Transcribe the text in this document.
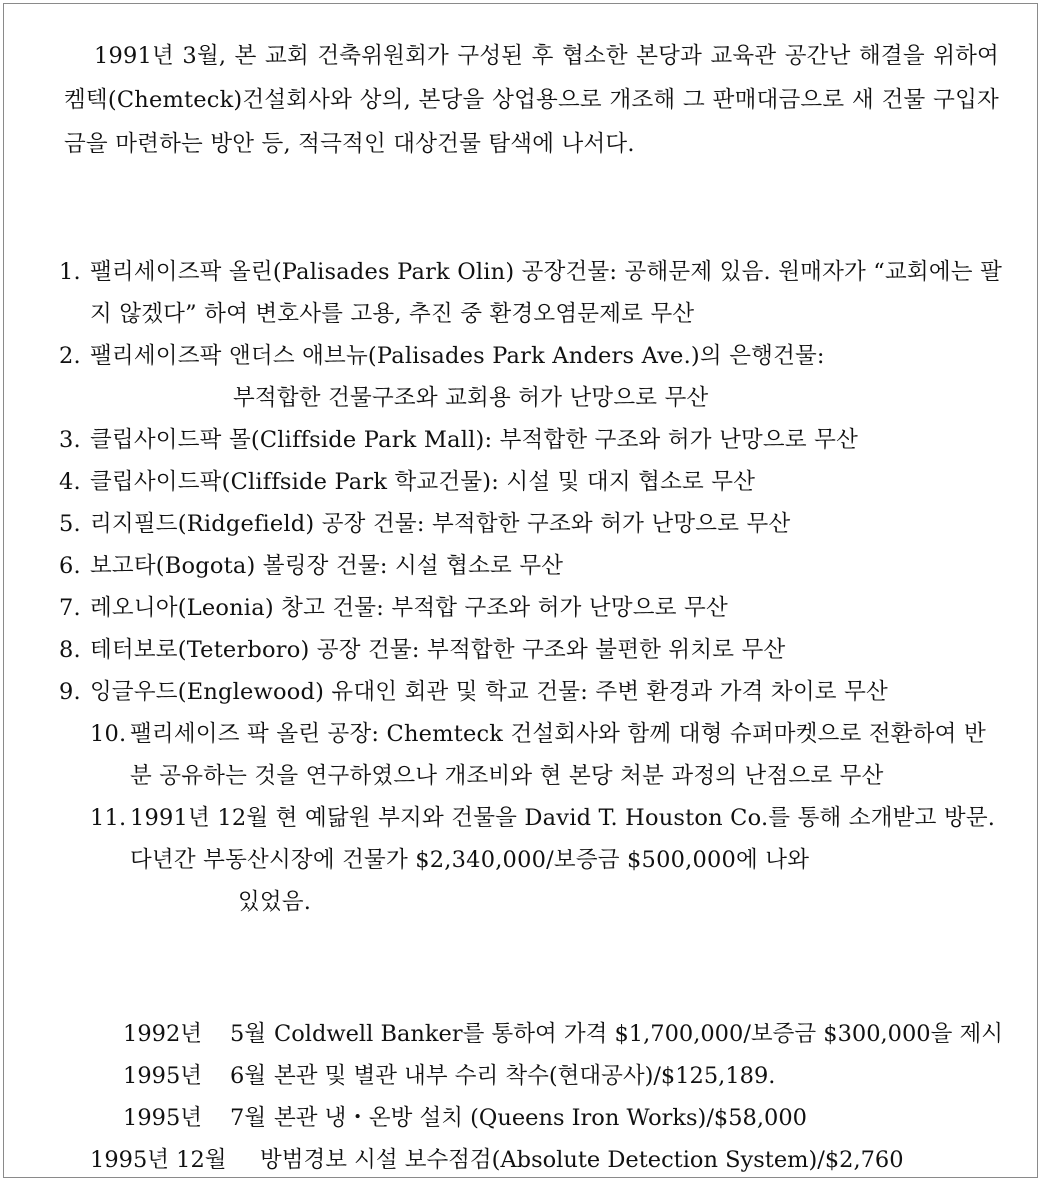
1991년 3월, 본 교회 건축위원회가 구성된 후 협소한 본당과 교육관 공간난 해결을 위하여 켐텍(Chemteck)건설회사와 상의, 본당을 상업용으로 개조해 그 판매대금으로 새 건물 구입자금을 마련하는 방안 등, 적극적인 대상건물 탐색에 나서다.

1. 팰리세이즈팍 올린(Palisades Park Olin) 공장건물: 공해문제 있음. 원매자가 “교회에는 팔지 않겠다” 하여 변호사를 고용, 추진 중 환경오염문제로 무산
2. 팰리세이즈팍 앤더스 애브뉴(Palisades Park Anders Ave.)의 은행건물:
부적합한 건물구조와 교회용 허가 난망으로 무산
3. 클립사이드팍 몰(Cliffside Park Mall): 부적합한 구조와 허가 난망으로 무산
4. 클립사이드팍(Cliffside Park 학교건물): 시설 및 대지 협소로 무산
5. 리지필드(Ridgefield) 공장 건물: 부적합한 구조와 허가 난망으로 무산
6. 보고타(Bogota) 볼링장 건물: 시설 협소로 무산
7. 레오니아(Leonia) 창고 건물: 부적합 구조와 허가 난망으로 무산
8. 테터보로(Teterboro) 공장 건물: 부적합한 구조와 불편한 위치로 무산
9. 잉글우드(Englewood) 유대인 회관 및 학교 건물: 주변 환경과 가격 차이로 무산
10. 팰리세이즈 팍 올린 공장: Chemteck 건설회사와 함께 대형 슈퍼마켓으로 전환하여 반분 공유하는 것을 연구하였으나 개조비와 현 본당 처분 과정의 난점으로 무산
11. 1991년 12월 현 예닮원 부지와 건물을 David T. Houston Co.를 통해 소개받고 방문. 다년간 부동산시장에 건물가 $2,340,000/보증금 $500,000에 나와
있었음.
1992년 5월 Coldwell Banker를 통하여 가격 $1,700,000/보증금 $300,000을 제시
1995년 6월 본관 및 별관 내부 수리 착수(현대공사)/$125,189.
1995년 7월 본관 냉・온방 설치 (Queens Iron Works)/$58,000
1995년 12월 방범경보 시설 보수점검(Absolute Detection System)/$2,760
